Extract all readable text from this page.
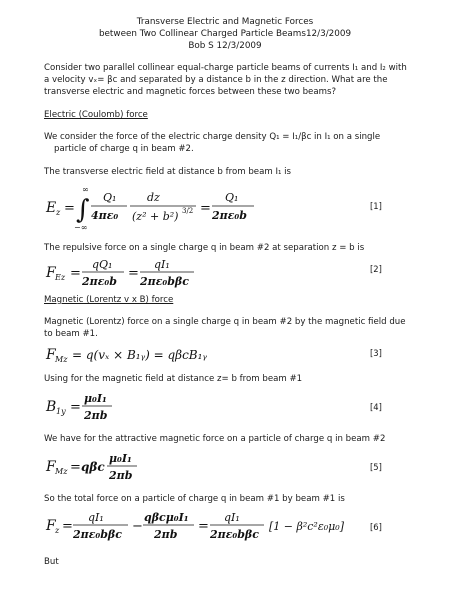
Transverse Electric and Magnetic Forces
between Two Collinear Charged Particle Beams12/3/2009
Bob S 12/3/2009
Consider two parallel collinear equal-charge particle beams of currents I₁ and I₂ with
a velocity vₓ= βc and separated by a distance b in the z direction. What are the
transverse electric and magnetic forces between these two beams?
Electric (Coulomb) force
We consider the force of the electric charge density Q₁ = I₁/βc in I₁ on a single
particle of charge q in beam #2.
The transverse electric field at distance b from beam I₁ is
E z = ∫
∞
−∞
Q₁
4πε₀
dz
(z² + b²) 3/2 =
Q₁
2πε₀b
[1]
The repulsive force on a single charge q in beam #2 at separation z = b is
F Ez =
qQ₁
2πε₀b
=
qI₁
2πε₀bβc
[2]
Magnetic (Lorentz v x B) force
Magnetic (Lorentz) force on a single charge q in beam #2 by the magnetic field due
to beam #1.
F Mz = q(vₓ × B₁ᵧ) = qβcB₁ᵧ	[3]
Using for the magnetic field at distance z= b from beam #1
B 1y =
μ₀I₁
2πb
[4]
We have for the attractive magnetic force on a particle of charge q in beam #2
F Mz = qβc
μ₀I₁
2πb
[5]
So the total force on a particle of charge q in beam #1 by beam #1 is
F z =
qI₁
2πε₀bβc
−
qβcμ₀I₁
2πb
=
qI₁
2πε₀bβc
[1 − β²c²ε₀μ₀]	[6]
But
